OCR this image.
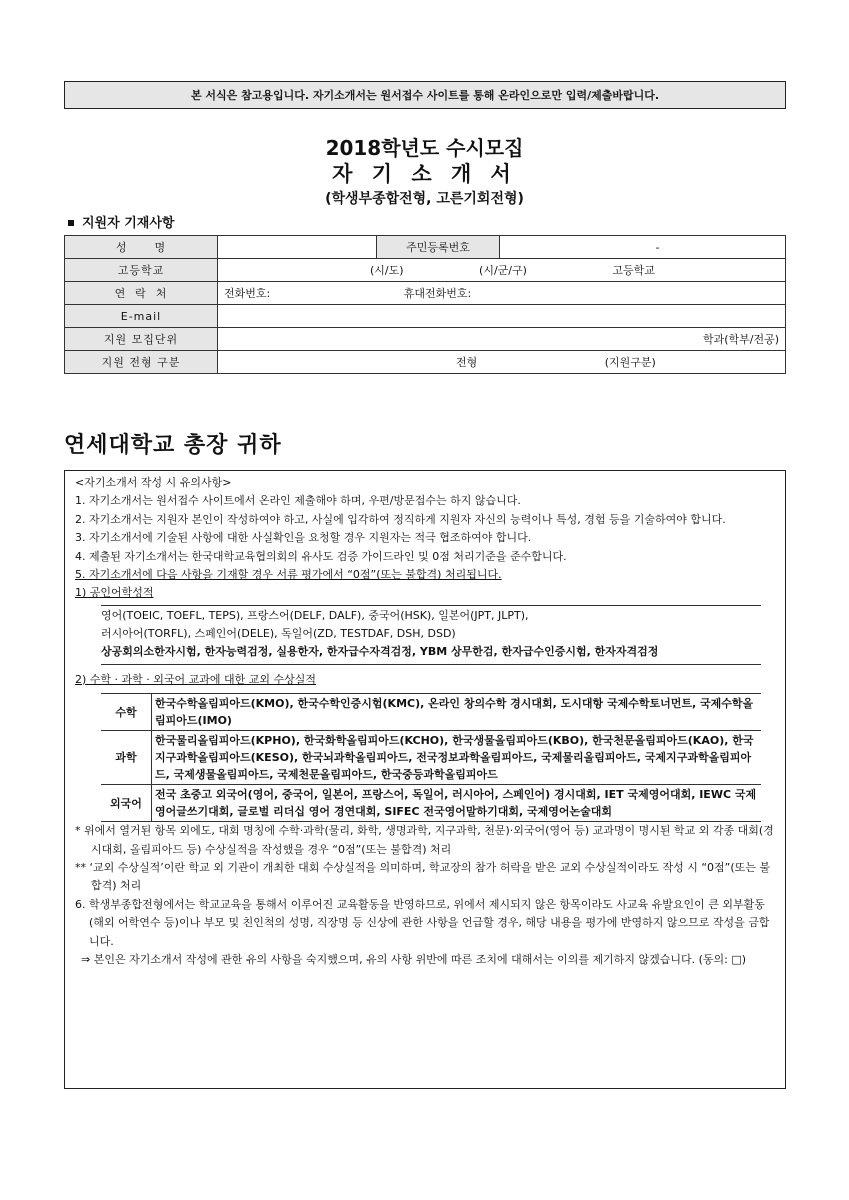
본 서식은 참고용입니다. 자기소개서는 원서접수 사이트를 통해 온라인으로만 입력/제출바랍니다.
2018학년도 수시모집
자 기 소 개 서
(학생부종합전형, 고른기회전형)
지원자 기재사항
성      명		주민등록번호	-
고등학교	(시/도) (시/군/구) 고등학교		
연  락  처	전화번호: 휴대전화번호:		
E-mail			
지원 모집단위	학과(학부/전공)		
지원 전형 구분	전형 (지원구분)		
연세대학교 총장 귀하

<자기소개서 작성 시 유의사항>

1. 자기소개서는 원서접수 사이트에서 온라인 제출해야 하며, 우편/방문접수는 하지 않습니다.

2. 자기소개서는 지원자 본인이 작성하여야 하고, 사실에 입각하여 정직하게 지원자 자신의 능력이나 특성, 경험 등을 기술하여야 합니다.

3. 자기소개서에 기술된 사항에 대한 사실확인을 요청할 경우 지원자는 적극 협조하여야 합니다.

4. 제출된 자기소개서는 한국대학교육협의회의 유사도 검증 가이드라인 및 0점 처리기준을 준수합니다.

5. 자기소개서에 다음 사항을 기재할 경우 서류 평가에서 “0점”(또는 불합격) 처리됩니다.

1) 공인어학성적

영어(TOEIC, TOEFL, TEPS), 프랑스어(DELF, DALF), 중국어(HSK), 일본어(JPT, JLPT),

러시아어(TORFL), 스페인어(DELE), 독일어(ZD, TESTDAF, DSH, DSD)

상공회의소한자시험, 한자능력검정, 실용한자, 한자급수자격검정, YBM 상무한검, 한자급수인증시험, 한자자격검정

2) 수학 · 과학 · 외국어 교과에 대한 교외 수상실적

수학	한국수학올림피아드(KMO), 한국수학인증시험(KMC), 온라인 창의수학 경시대회, 도시대항 국제수학토너먼트, 국제수학올림피아드(IMO)
과학	한국물리올림피아드(KPHO), 한국화학올림피아드(KCHO), 한국생물올림피아드(KBO), 한국천문올림피아드(KAO), 한국지구과학올림피아드(KESO), 한국뇌과학올림피아드, 전국정보과학올림피아드, 국제물리올림피아드, 국제지구과학올림피아드, 국제생물올림피아드, 국제천문올림피아드, 한국중등과학올림피아드
외국어	전국 초중고 외국어(영어, 중국어, 일본어, 프랑스어, 독일어, 러시아어, 스페인어) 경시대회, IET 국제영어대회, IEWC 국제영어글쓰기대회, 글로벌 리더십 영어 경연대회, SIFEC 전국영어말하기대회, 국제영어논술대회

* 위에서 열거된 항목 외에도, 대회 명칭에 수학·과학(물리, 화학, 생명과학, 지구과학, 천문)·외국어(영어 등) 교과명이 명시된 학교 외 각종 대회(경시대회, 올림피아드 등) 수상실적을 작성했을 경우 “0점”(또는 불합격) 처리

** ‘교외 수상실적’이란 학교 외 기관이 개최한 대회 수상실적을 의미하며, 학교장의 참가 허락을 받은 교외 수상실적이라도 작성 시 “0점”(또는 불합격) 처리

6. 학생부종합전형에서는 학교교육을 통해서 이루어진 교육활동을 반영하므로, 위에서 제시되지 않은 항목이라도 사교육 유발요인이 큰 외부활동(해외 어학연수 등)이나 부모 및 친인척의 성명, 직장명 등 신상에 관한 사항을 언급할 경우, 해당 내용을 평가에 반영하지 않으므로 작성을 금합니다.

⇒ 본인은 자기소개서 작성에 관한 유의 사항을 숙지했으며, 유의 사항 위반에 따른 조치에 대해서는 이의를 제기하지 않겠습니다. (동의: □)
